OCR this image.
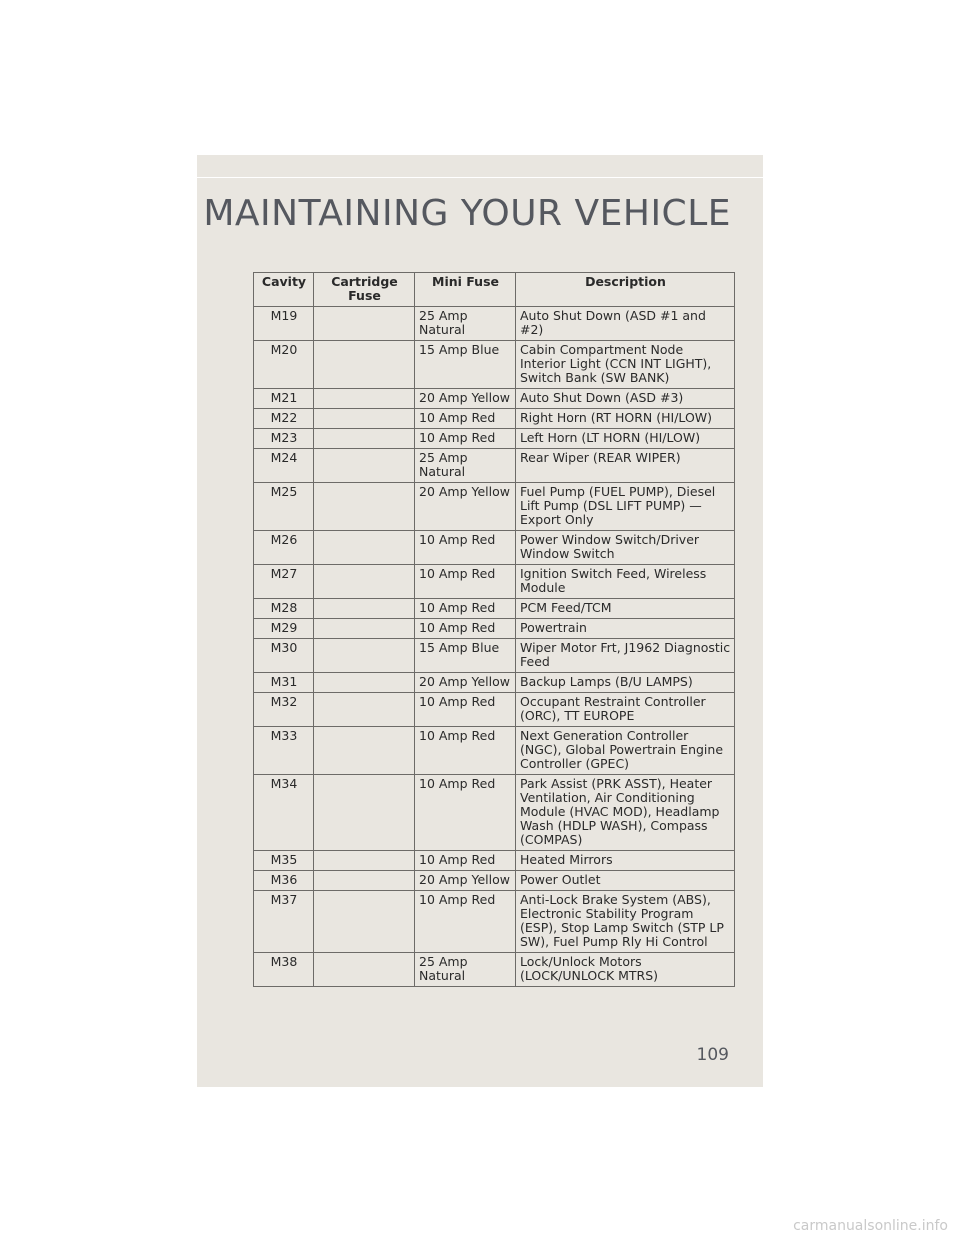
MAINTAINING YOUR VEHICLE
Cavity	Cartridge Fuse	Mini Fuse	Description
M19		25 Amp Natural	Auto Shut Down (ASD #1 and #2)
M20		15 Amp Blue	Cabin Compartment Node Interior Light (CCN INT LIGHT), Switch Bank (SW BANK)
M21		20 Amp Yellow	Auto Shut Down (ASD #3)
M22		10 Amp Red	Right Horn (RT HORN (HI/LOW)
M23		10 Amp Red	Left Horn (LT HORN (HI/LOW)
M24		25 Amp Natural	Rear Wiper (REAR WIPER)
M25		20 Amp Yellow	Fuel Pump (FUEL PUMP), Diesel Lift Pump (DSL LIFT PUMP) — Export Only
M26		10 Amp Red	Power Window Switch/Driver Window Switch
M27		10 Amp Red	Ignition Switch Feed, Wireless Module
M28		10 Amp Red	PCM Feed/TCM
M29		10 Amp Red	Powertrain
M30		15 Amp Blue	Wiper Motor Frt, J1962 Diagnostic Feed
M31		20 Amp Yellow	Backup Lamps (B/U LAMPS)
M32		10 Amp Red	Occupant Restraint Controller (ORC), TT EUROPE
M33		10 Amp Red	Next Generation Controller (NGC), Global Powertrain Engine Controller (GPEC)
M34		10 Amp Red	Park Assist (PRK ASST), Heater Ventilation, Air Conditioning Module (HVAC MOD), Headlamp Wash (HDLP WASH), Compass (COMPAS)
M35		10 Amp Red	Heated Mirrors
M36		20 Amp Yellow	Power Outlet
M37		10 Amp Red	Anti-Lock Brake System (ABS), Electronic Stability Program (ESP), Stop Lamp Switch (STP LP SW), Fuel Pump Rly Hi Control
M38		25 Amp Natural	Lock/Unlock Motors (LOCK/UNLOCK MTRS)
109
carmanualsonline.info
